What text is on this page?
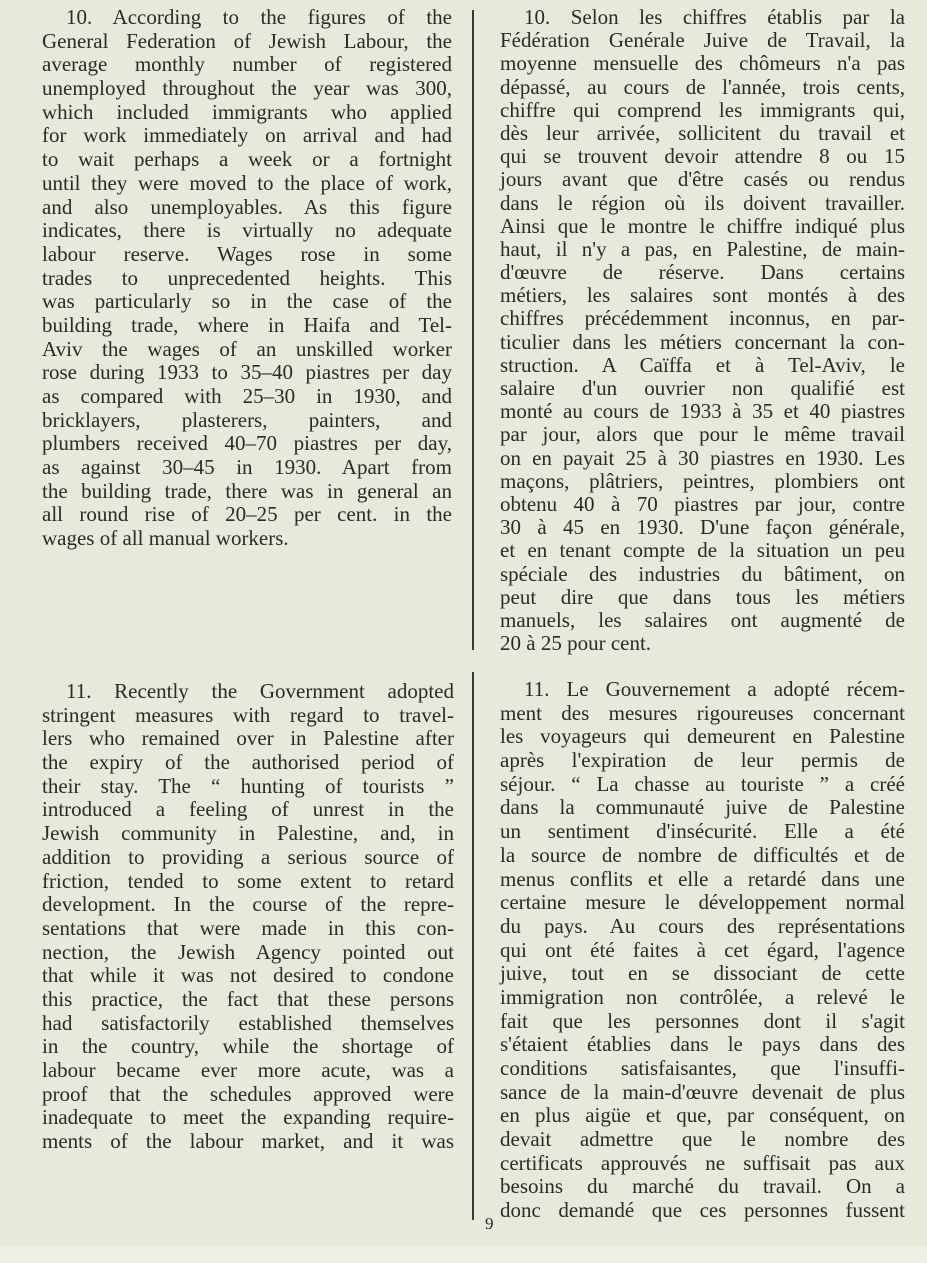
10. According to the figures of the
General Federation of Jewish Labour, the
average monthly number of registered
unemployed throughout the year was 300,
which included immigrants who applied
for work immediately on arrival and had
to wait perhaps a week or a fortnight
until they were moved to the place of work,
and also unemployables. As this figure
indicates, there is virtually no adequate
labour reserve. Wages rose in some
trades to unprecedented heights. This
was particularly so in the case of the
building trade, where in Haifa and Tel-
Aviv the wages of an unskilled worker
rose during 1933 to 35–40 piastres per day
as compared with 25–30 in 1930, and
bricklayers, plasterers, painters, and
plumbers received 40–70 piastres per day,
as against 30–45 in 1930. Apart from
the building trade, there was in general an
all round rise of 20–25 per cent. in the
wages of all manual workers.
10. Selon les chiffres établis par la
Fédération Genérale Juive de Travail, la
moyenne mensuelle des chômeurs n'a pas
dépassé, au cours de l'année, trois cents,
chiffre qui comprend les immigrants qui,
dès leur arrivée, sollicitent du travail et
qui se trouvent devoir attendre 8 ou 15
jours avant que d'être casés ou rendus
dans le région où ils doivent travailler.
Ainsi que le montre le chiffre indiqué plus
haut, il n'y a pas, en Palestine, de main-
d'œuvre de réserve. Dans certains
métiers, les salaires sont montés à des
chiffres précédemment inconnus, en par-
ticulier dans les métiers concernant la con-
struction. A Caïffa et à Tel-Aviv, le
salaire d'un ouvrier non qualifié est
monté au cours de 1933 à 35 et 40 piastres
par jour, alors que pour le même travail
on en payait 25 à 30 piastres en 1930. Les
maçons, plâtriers, peintres, plombiers ont
obtenu 40 à 70 piastres par jour, contre
30 à 45 en 1930. D'une façon générale,
et en tenant compte de la situation un peu
spéciale des industries du bâtiment, on
peut dire que dans tous les métiers
manuels, les salaires ont augmenté de
20 à 25 pour cent.
11. Recently the Government adopted
stringent measures with regard to travel-
lers who remained over in Palestine after
the expiry of the authorised period of
their stay. The “ hunting of tourists ”
introduced a feeling of unrest in the
Jewish community in Palestine, and, in
addition to providing a serious source of
friction, tended to some extent to retard
development. In the course of the repre-
sentations that were made in this con-
nection, the Jewish Agency pointed out
that while it was not desired to condone
this practice, the fact that these persons
had satisfactorily established themselves
in the country, while the shortage of
labour became ever more acute, was a
proof that the schedules approved were
inadequate to meet the expanding require-
ments of the labour market, and it was
11. Le Gouvernement a adopté récem-
ment des mesures rigoureuses concernant
les voyageurs qui demeurent en Palestine
après l'expiration de leur permis de
séjour. “ La chasse au touriste ” a créé
dans la communauté juive de Palestine
un sentiment d'insécurité. Elle a été
la source de nombre de difficultés et de
menus conflits et elle a retardé dans une
certaine mesure le développement normal
du pays. Au cours des représentations
qui ont été faites à cet égard, l'agence
juive, tout en se dissociant de cette
immigration non contrôlée, a relevé le
fait que les personnes dont il s'agit
s'étaient établies dans le pays dans des
conditions satisfaisantes, que l'insuffi-
sance de la main-d'œuvre devenait de plus
en plus aigüe et que, par conséquent, on
devait admettre que le nombre des
certificats approuvés ne suffisait pas aux
besoins du marché du travail. On a
donc demandé que ces personnes fussent
9
